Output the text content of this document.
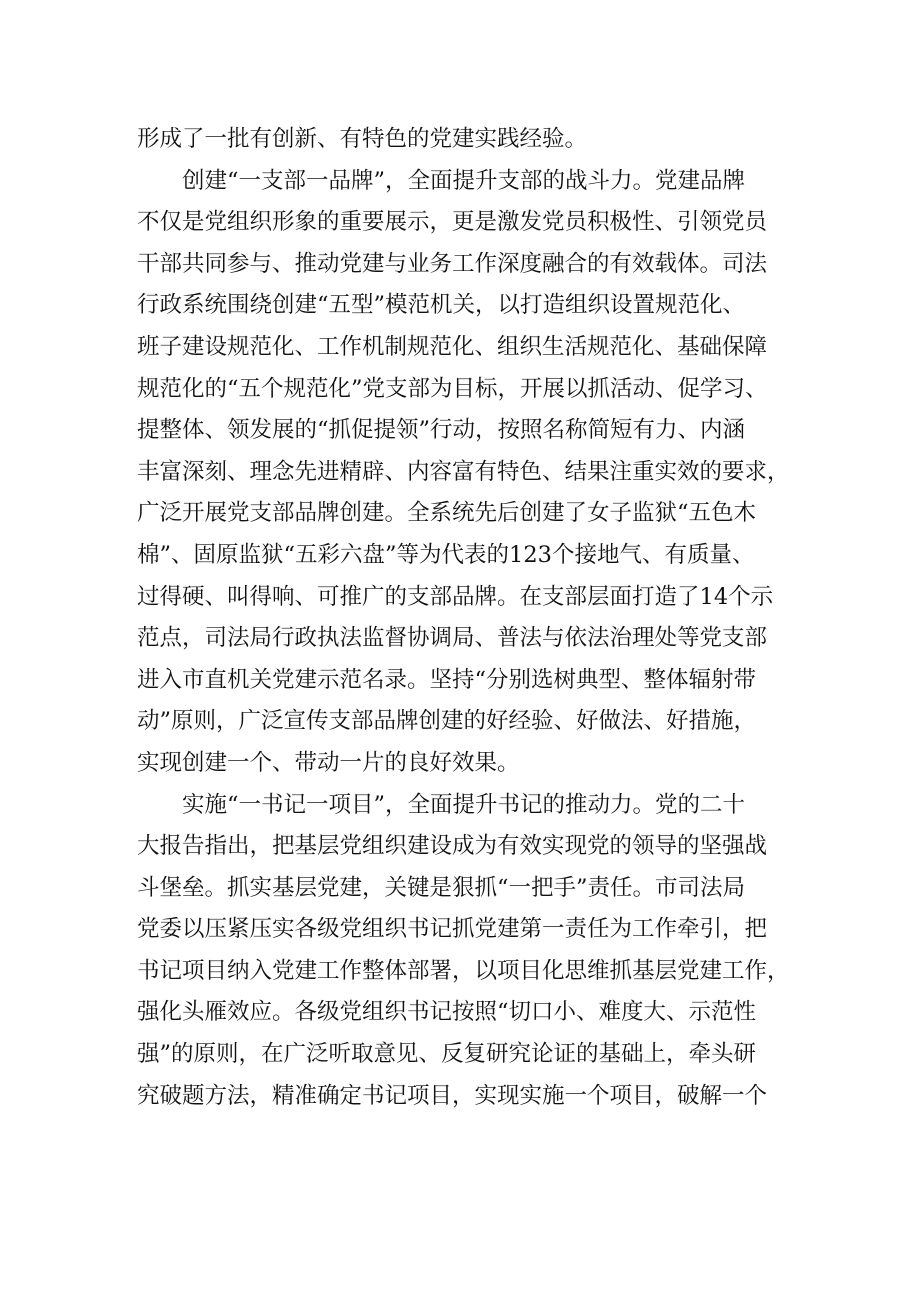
形成了一批有创新、有特色的党建实践经验。
　　创建“一支部一品牌”，全面提升支部的战斗力。党建品牌
不仅是党组织形象的重要展示，更是激发党员积极性、引领党员
干部共同参与、推动党建与业务工作深度融合的有效载体。司法
行政系统围绕创建“五型”模范机关，以打造组织设置规范化、
班子建设规范化、工作机制规范化、组织生活规范化、基础保障
规范化的“五个规范化”党支部为目标，开展以抓活动、促学习、
提整体、领发展的“抓促提领”行动，按照名称简短有力、内涵
丰富深刻、理念先进精辟、内容富有特色、结果注重实效的要求，
广泛开展党支部品牌创建。全系统先后创建了女子监狱“五色木
棉”、固原监狱“五彩六盘”等为代表的123个接地气、有质量、
过得硬、叫得响、可推广的支部品牌。在支部层面打造了14个示
范点，司法局行政执法监督协调局、普法与依法治理处等党支部
进入市直机关党建示范名录。坚持“分别选树典型、整体辐射带
动”原则，广泛宣传支部品牌创建的好经验、好做法、好措施，
实现创建一个、带动一片的良好效果。
　　实施“一书记一项目”，全面提升书记的推动力。党的二十
大报告指出，把基层党组织建设成为有效实现党的领导的坚强战
斗堡垒。抓实基层党建，关键是狠抓“一把手”责任。市司法局
党委以压紧压实各级党组织书记抓党建第一责任为工作牵引，把
书记项目纳入党建工作整体部署，以项目化思维抓基层党建工作，
强化头雁效应。各级党组织书记按照“切口小、难度大、示范性
强”的原则，在广泛听取意见、反复研究论证的基础上，牵头研
究破题方法，精准确定书记项目，实现实施一个项目，破解一个
